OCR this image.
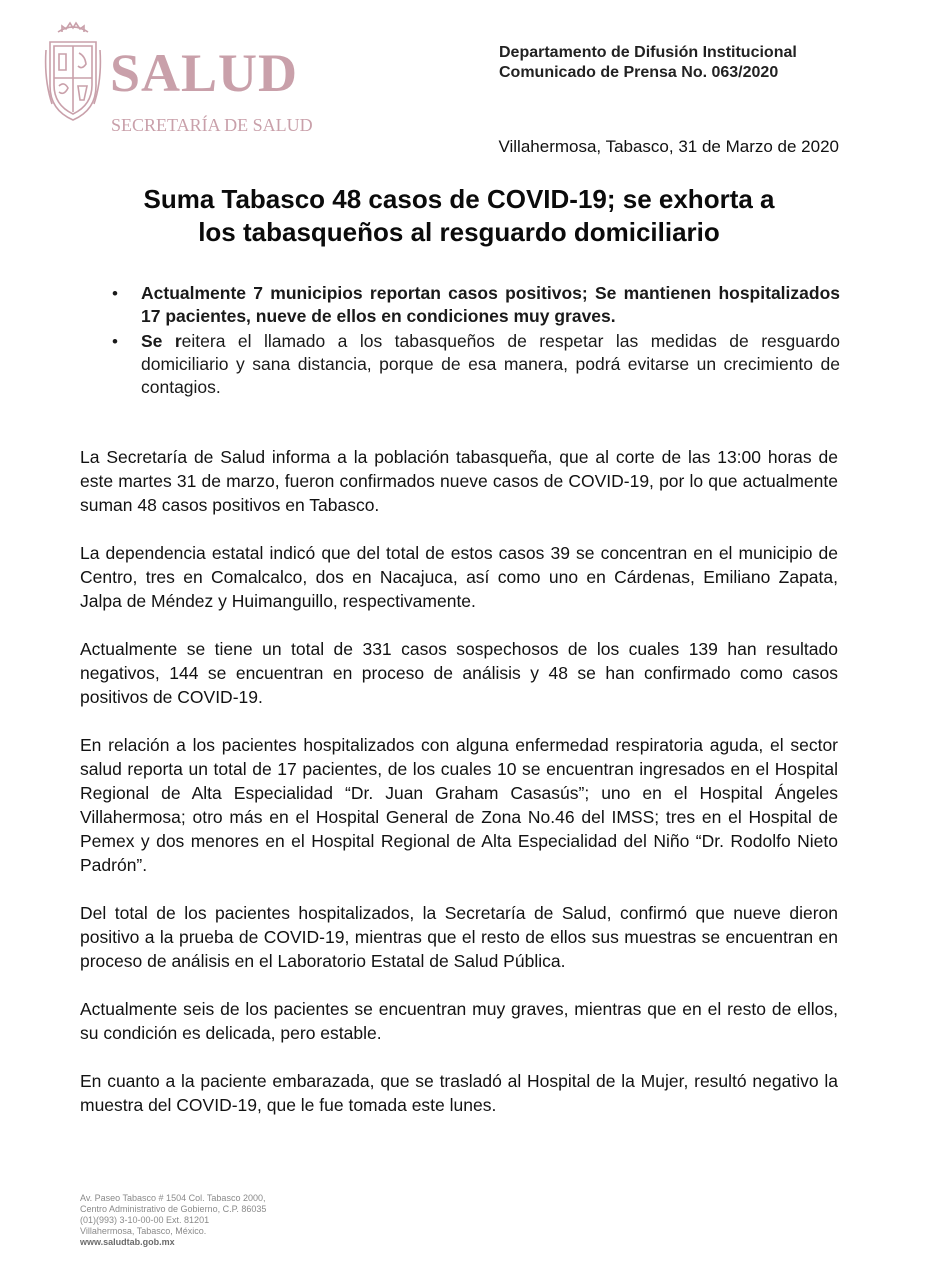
SALUD
SECRETARÍA DE SALUD
Departamento de Difusión Institucional
Comunicado de Prensa No. 063/2020
Villahermosa, Tabasco, 31 de Marzo de 2020
Suma Tabasco 48 casos de COVID-19; se exhorta a
los tabasqueños al resguardo domiciliario
• Actualmente 7 municipios reportan casos positivos; Se mantienen hospitalizados 17 pacientes, nueve de ellos en condiciones muy graves.
• Se reitera el llamado a los tabasqueños de respetar las medidas de resguardo domiciliario y sana distancia, porque de esa manera, podrá evitarse un crecimiento de contagios.

La Secretaría de Salud informa a la población tabasqueña, que al corte de las 13:00 horas de este martes 31 de marzo, fueron confirmados nueve casos de COVID-19, por lo que actualmente suman 48 casos positivos en Tabasco.

La dependencia estatal indicó que del total de estos casos 39 se concentran en el municipio de Centro, tres en Comalcalco, dos en Nacajuca, así como uno en Cárdenas, Emiliano Zapata, Jalpa de Méndez y Huimanguillo, respectivamente.

Actualmente se tiene un total de 331 casos sospechosos de los cuales 139 han resultado negativos, 144 se encuentran en proceso de análisis y 48 se han confirmado como casos positivos de COVID-19.

En relación a los pacientes hospitalizados con alguna enfermedad respiratoria aguda, el sector salud reporta un total de 17 pacientes, de los cuales 10 se encuentran ingresados en el Hospital Regional de Alta Especialidad “Dr. Juan Graham Casasús”; uno en el Hospital Ángeles Villahermosa; otro más en el Hospital General de Zona No.46 del IMSS; tres en el Hospital de Pemex y dos menores en el Hospital Regional de Alta Especialidad del Niño “Dr. Rodolfo Nieto Padrón”.

Del total de los pacientes hospitalizados, la Secretaría de Salud, confirmó que nueve dieron positivo a la prueba de COVID-19, mientras que el resto de ellos sus muestras se encuentran en proceso de análisis en el Laboratorio Estatal de Salud Pública.

Actualmente seis de los pacientes se encuentran muy graves, mientras que en el resto de ellos, su condición es delicada, pero estable.

En cuanto a la paciente embarazada, que se trasladó al Hospital de la Mujer, resultó negativo la muestra del COVID-19, que le fue tomada este lunes.

Av. Paseo Tabasco # 1504 Col. Tabasco 2000,
Centro Administrativo de Gobierno, C.P. 86035
(01)(993) 3-10-00-00 Ext. 81201
Villahermosa, Tabasco, México.
www.saludtab.gob.mx
